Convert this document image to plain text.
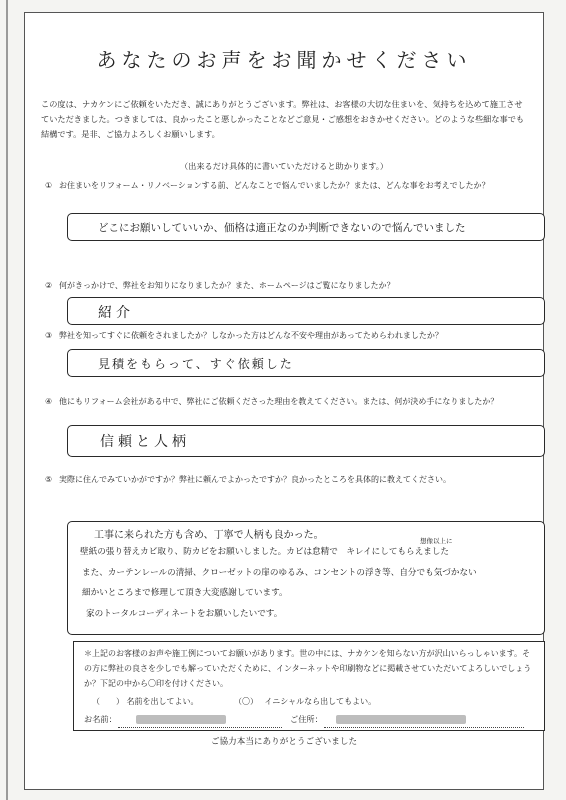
あなたのお声をお聞かせください
この度は、ナカケンにご依頼をいただき、誠にありがとうございます。弊社は、お客様の大切な住まいを、気持ちを込めて施工させていただきました。つきましては、良かったこと悪しかったことなどご意見・ご感想をおきかせください。どのような些細な事でも結構です。是非、ご協力よろしくお願いします。
（出来るだけ具体的に書いていただけると助かります。）
① お住まいをリフォーム・リノベーションする前、どんなことで悩んでいましたか？または、どんな事をお考えでしたか？
どこにお願いしていいか、価格は適正なのか判断できないので悩んでいました
② 何がきっかけで、弊社をお知りになりましたか？また、ホームページはご覧になりましたか？
紹介
③ 弊社を知ってすぐに依頼をされましたか？しなかった方はどんな不安や理由があってためらわれましたか？
見積をもらって、すぐ依頼した
④ 他にもリフォーム会社がある中で、弊社にご依頼くださった理由を教えてください。または、何が決め手になりましたか？
信頼と人柄
⑤ 実際に住んでみていかがですか？弊社に頼んでよかったですか？良かったところを具体的に教えてください。
工事に来られた方も含め、丁寧で人柄も良かった。	想像以上に
壁紙の張り替えカビ取り、防カビをお願いしました。カビは怠精で　キレイにしてもらえました
また、カーテンレールの清掃、クローゼットの扉のゆるみ、コンセントの浮き等、自分でも気づかない
細かいところまで修理して頂き大変感謝しています。
家のトータルコーディネートをお願いしたいです。
＊上記のお客様のお声や施工例についてお願いがあります。世の中には、ナカケンを知らない方が沢山いらっしゃいます。その方に弊社の良さを少しでも解っていただくために、インターネットや印刷物などに掲載させていただいてよろしいでしょうか？下記の中から〇印を付けください。
（　　） 名前を出してよい。	（〇） イニシャルなら出してもよい。
お名前：	ご住所：
ご協力本当にありがとうございました
